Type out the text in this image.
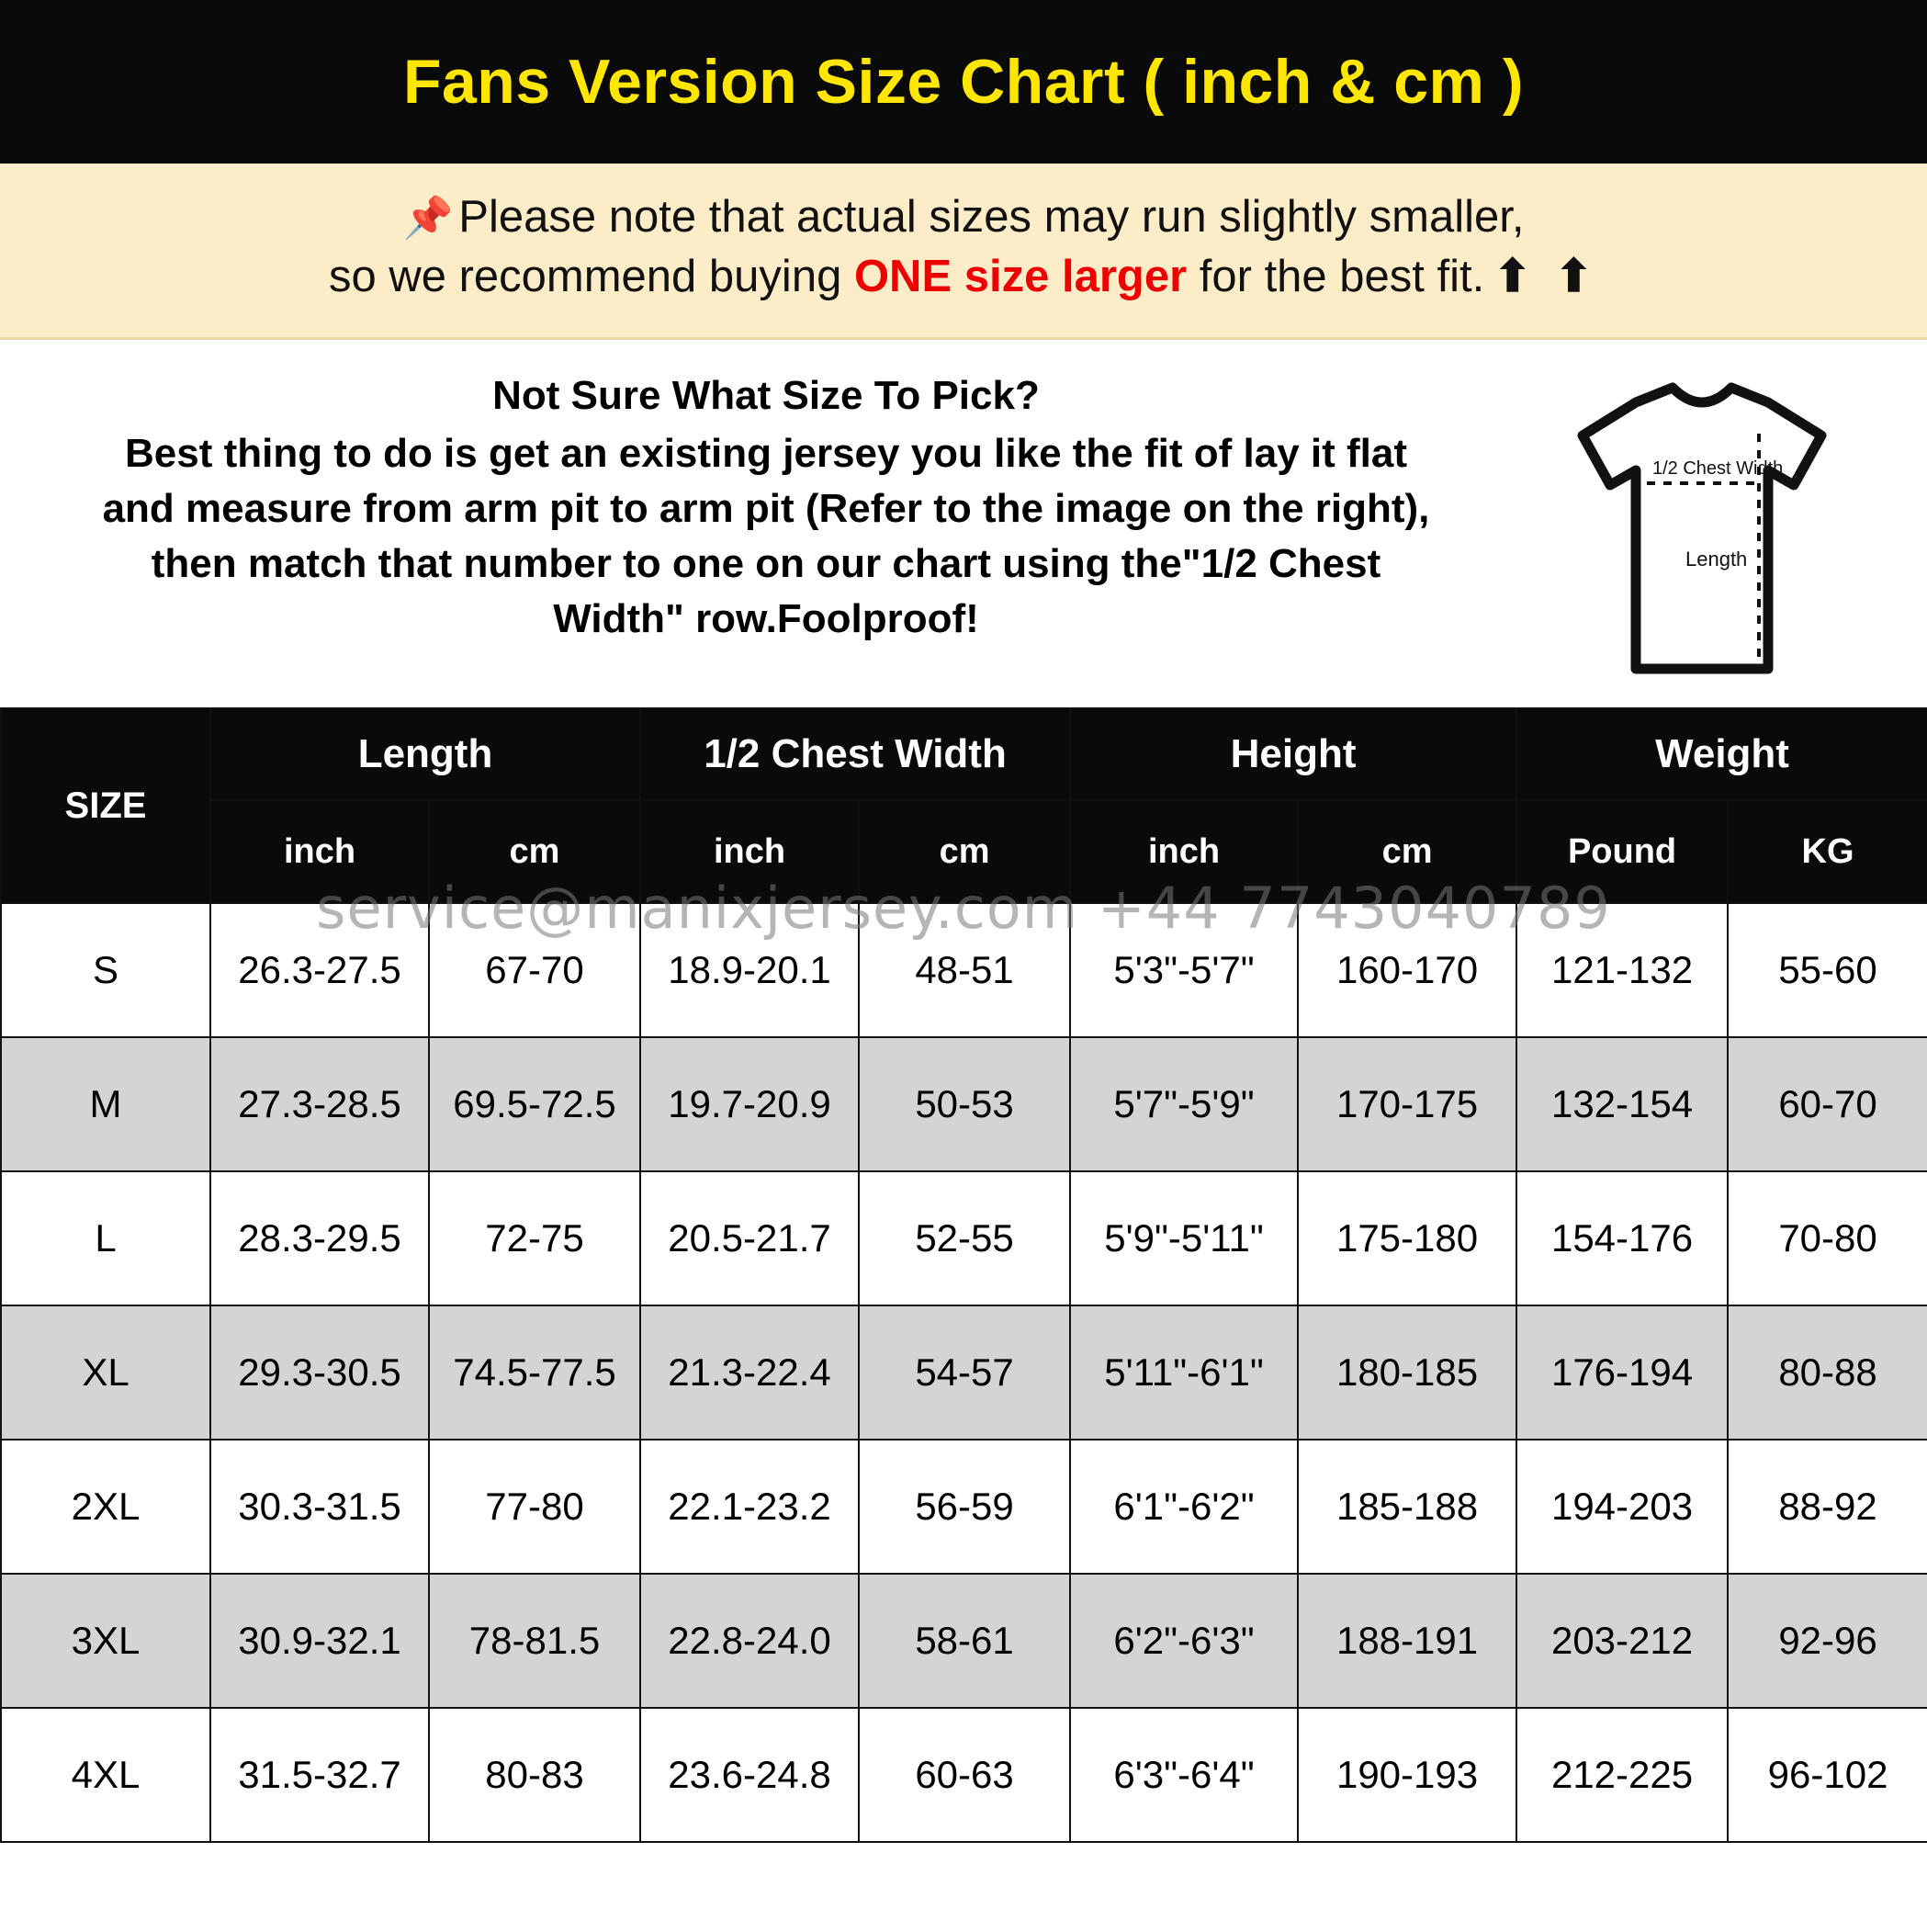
Fans Version Size Chart ( inch & cm )
📌 Please note that actual sizes may run slightly smaller,
so we recommend buying ONE size larger for the best fit. ⬆ ⬆
Not Sure What Size To Pick?
Best thing to do is get an existing jersey you like the fit of lay it flat
and measure from arm pit to arm pit (Refer to the image on the right),
then match that number to one on our chart using the"1/2 Chest
Width" row.Foolproof!
1/2 Chest Width
Length
SIZE	Length		1/2 Chest Width		Height		Weight	
	inch	cm	inch	cm	inch	cm	Pound	KG
S	26.3-27.5	67-70	18.9-20.1	48-51	5'3"-5'7"	160-170	121-132	55-60
M	27.3-28.5	69.5-72.5	19.7-20.9	50-53	5'7"-5'9"	170-175	132-154	60-70
L	28.3-29.5	72-75	20.5-21.7	52-55	5'9"-5'11"	175-180	154-176	70-80
XL	29.3-30.5	74.5-77.5	21.3-22.4	54-57	5'11"-6'1"	180-185	176-194	80-88
2XL	30.3-31.5	77-80	22.1-23.2	56-59	6'1"-6'2"	185-188	194-203	88-92
3XL	30.9-32.1	78-81.5	22.8-24.0	58-61	6'2"-6'3"	188-191	203-212	92-96
4XL	31.5-32.7	80-83	23.6-24.8	60-63	6'3"-6'4"	190-193	212-225	96-102
service@manixjersey.com +44 7743040789
